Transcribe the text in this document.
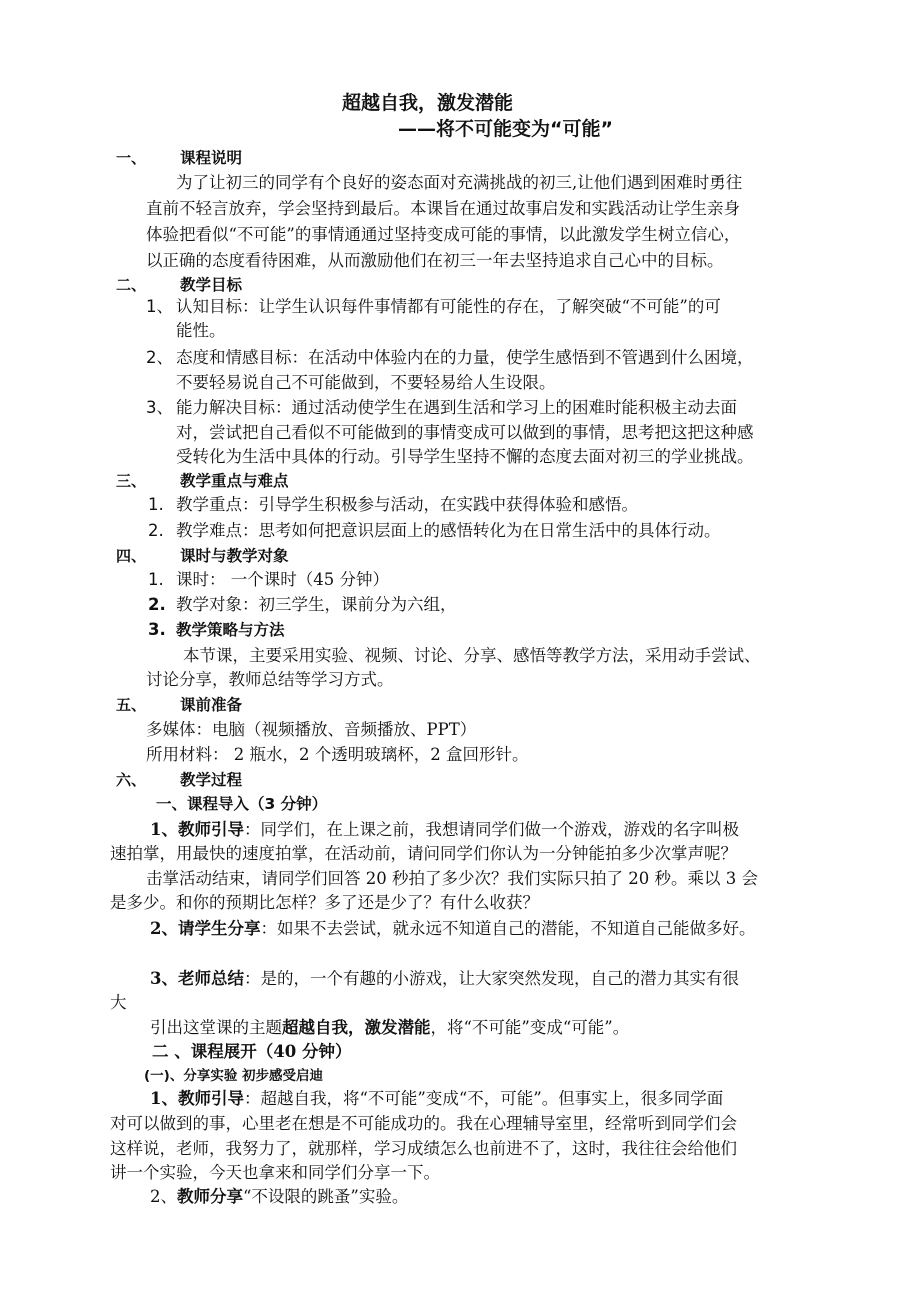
超越自我，激发潜能
——将不可能变为“可能”
一、 课程说明
为了让初三的同学有个良好的姿态面对充满挑战的初三,让他们遇到困难时勇往
直前不轻言放弃，学会坚持到最后。本课旨在通过故事启发和实践活动让学生亲身
体验把看似“不可能”的事情通通过坚持变成可能的事情，以此激发学生树立信心，
以正确的态度看待困难，从而激励他们在初三一年去坚持追求自己心中的目标。
二、 教学目标
1、 认知目标：让学生认识每件事情都有可能性的存在，了解突破“不可能”的可
能性。
2、 态度和情感目标：在活动中体验内在的力量，使学生感悟到不管遇到什么困境，
不要轻易说自己不可能做到，不要轻易给人生设限。
3、 能力解决目标：通过活动使学生在遇到生活和学习上的困难时能积极主动去面
对，尝试把自己看似不可能做到的事情变成可以做到的事情，思考把这把这种感
受转化为生活中具体的行动。引导学生坚持不懈的态度去面对初三的学业挑战。
三、 教学重点与难点
1. 教学重点：引导学生积极参与活动，在实践中获得体验和感悟。
2. 教学难点：思考如何把意识层面上的感悟转化为在日常生活中的具体行动。
四、 课时与教学对象
1. 课时： 一个课时（45 分钟）
2. 教学对象：初三学生，课前分为六组，
3. 教学策略与方法
本节课，主要采用实验、视频、讨论、分享、感悟等教学方法，采用动手尝试、
讨论分享，教师总结等学习方式。
五、 课前准备
多媒体：电脑（视频播放、音频播放、PPT）
所用材料： 2 瓶水，2 个透明玻璃杯，2 盒回形针。
六、 教学过程
一、课程导入（3 分钟）
1、教师引导：同学们，在上课之前，我想请同学们做一个游戏，游戏的名字叫极
速拍掌，用最快的速度拍掌，在活动前，请问同学们你认为一分钟能拍多少次掌声呢？
击掌活动结束，请同学们回答 20 秒拍了多少次？我们实际只拍了 20 秒。乘以 3 会
是多少。和你的预期比怎样？多了还是少了？有什么收获？
2、请学生分享：如果不去尝试，就永远不知道自己的潜能，不知道自己能做多好。
3、老师总结：是的，一个有趣的小游戏，让大家突然发现，自己的潜力其实有很
大
引出这堂课的主题超越自我，激发潜能，将“不可能”变成“可能”。
二 、课程展开（40 分钟）
(一)、分享实验 初步感受启迪
1、教师引导：超越自我，将“不可能”变成“不，可能”。但事实上，很多同学面
对可以做到的事，心里老在想是不可能成功的。我在心理辅导室里，经常听到同学们会
这样说，老师，我努力了，就那样，学习成绩怎么也前进不了，这时，我往往会给他们
讲一个实验，今天也拿来和同学们分享一下。
2、教师分享“不设限的跳蚤”实验。
